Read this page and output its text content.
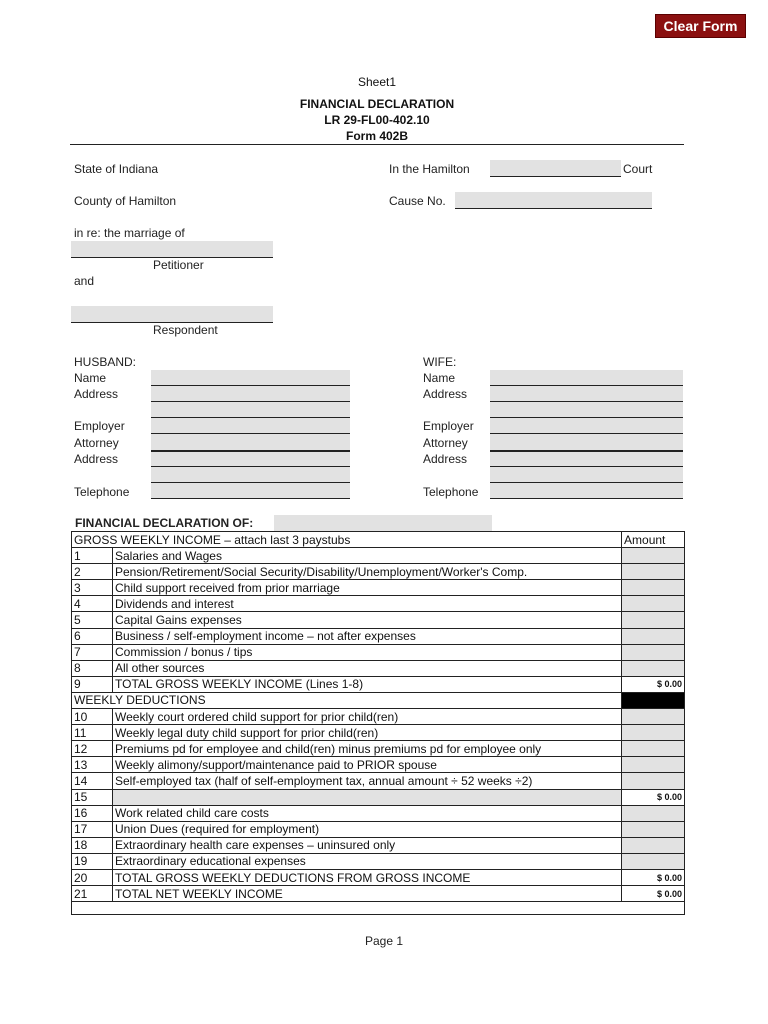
Clear Form
Sheet1
FINANCIAL DECLARATION
LR 29-FL00-402.10
Form 402B
State of Indiana	In the Hamilton	Court
County of Hamilton	Cause No.
in re: the marriage of
Petitioner
and
Respondent
HUSBAND:
Name
Address
Employer
Attorney
Address
Telephone
WIFE:
Name
Address
Employer
Attorney
Address
Telephone
FINANCIAL DECLARATION OF:
GROSS WEEKLY INCOME – attach last 3 paystubs		Amount
1	Salaries and Wages	
2	Pension/Retirement/Social Security/Disability/Unemployment/Worker's Comp.	
3	Child support received from prior marriage	
4	Dividends and interest	
5	Capital Gains expenses	
6	Business / self-employment income – not after expenses	
7	Commission / bonus / tips	
8	All other sources	
9	TOTAL GROSS WEEKLY INCOME (Lines 1-8)	$ 0.00
WEEKLY DEDUCTIONS		
10	Weekly court ordered child support for prior child(ren)	
11	Weekly legal duty child support for prior child(ren)	
12	Premiums pd for employee and child(ren) minus premiums pd for employee only	
13	Weekly alimony/support/maintenance paid to PRIOR spouse	
14	Self-employed tax (half of self-employment tax, annual amount ÷ 52 weeks ÷2)	
15		$ 0.00
16	Work related child care costs	
17	Union Dues (required for employment)	
18	Extraordinary health care expenses – uninsured only	
19	Extraordinary educational expenses	
20	TOTAL GROSS WEEKLY DEDUCTIONS FROM GROSS INCOME	$ 0.00
21	TOTAL NET WEEKLY INCOME	$ 0.00

Page 1
